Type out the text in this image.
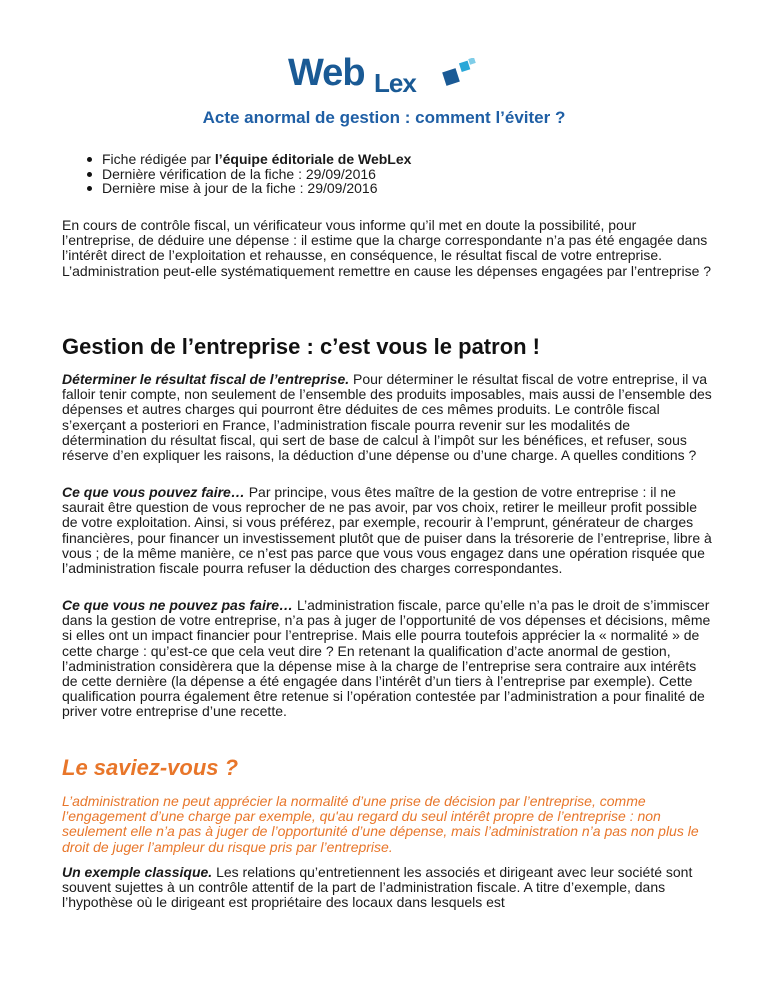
Web Lex
Acte anormal de gestion : comment l’éviter ?
Fiche rédigée par l’équipe éditoriale de WebLex
Dernière vérification de la fiche : 29/09/2016
Dernière mise à jour de la fiche : 29/09/2016

En cours de contrôle fiscal, un vérificateur vous informe qu’il met en doute la possibilité, pour l’entreprise, de déduire une dépense : il estime que la charge correspondante n’a pas été engagée dans l’intérêt direct de l’exploitation et rehausse, en conséquence, le résultat fiscal de votre entreprise. L’administration peut-elle systématiquement remettre en cause les dépenses engagées par l’entreprise ?

Gestion de l’entreprise : c’est vous le patron !

Déterminer le résultat fiscal de l’entreprise. Pour déterminer le résultat fiscal de votre entreprise, il va falloir tenir compte, non seulement de l’ensemble des produits imposables, mais aussi de l’ensemble des dépenses et autres charges qui pourront être déduites de ces mêmes produits. Le contrôle fiscal s’exerçant a posteriori en France, l’administration fiscale pourra revenir sur les modalités de détermination du résultat fiscal, qui sert de base de calcul à l’impôt sur les bénéfices, et refuser, sous réserve d’en expliquer les raisons, la déduction d’une dépense ou d’une charge. A quelles conditions ?

Ce que vous pouvez faire… Par principe, vous êtes maître de la gestion de votre entreprise : il ne saurait être question de vous reprocher de ne pas avoir, par vos choix, retirer le meilleur profit possible de votre exploitation. Ainsi, si vous préférez, par exemple, recourir à l’emprunt, générateur de charges financières, pour financer un investissement plutôt que de puiser dans la trésorerie de l’entreprise, libre à vous ; de la même manière, ce n’est pas parce que vous vous engagez dans une opération risquée que l’administration fiscale pourra refuser la déduction des charges correspondantes.

Ce que vous ne pouvez pas faire… L’administration fiscale, parce qu’elle n’a pas le droit de s’immiscer dans la gestion de votre entreprise, n’a pas à juger de l’opportunité de vos dépenses et décisions, même si elles ont un impact financier pour l’entreprise. Mais elle pourra toutefois apprécier la « normalité » de cette charge : qu’est-ce que cela veut dire ? En retenant la qualification d’acte anormal de gestion, l’administration considèrera que la dépense mise à la charge de l’entreprise sera contraire aux intérêts de cette dernière (la dépense a été engagée dans l’intérêt d’un tiers à l’entreprise par exemple). Cette qualification pourra également être retenue si l’opération contestée par l’administration a pour finalité de priver votre entreprise d’une recette.

Le saviez-vous ?

L’administration ne peut apprécier la normalité d’une prise de décision par l’entreprise, comme l’engagement d’une charge par exemple, qu'au regard du seul intérêt propre de l’entreprise : non seulement elle n’a pas à juger de l’opportunité d’une dépense, mais l’administration n’a pas non plus le droit de juger l’ampleur du risque pris par l’entreprise.

Un exemple classique. Les relations qu’entretiennent les associés et dirigeant avec leur société sont souvent sujettes à un contrôle attentif de la part de l’administration fiscale. A titre d’exemple, dans l’hypothèse où le dirigeant est propriétaire des locaux dans lesquels est
